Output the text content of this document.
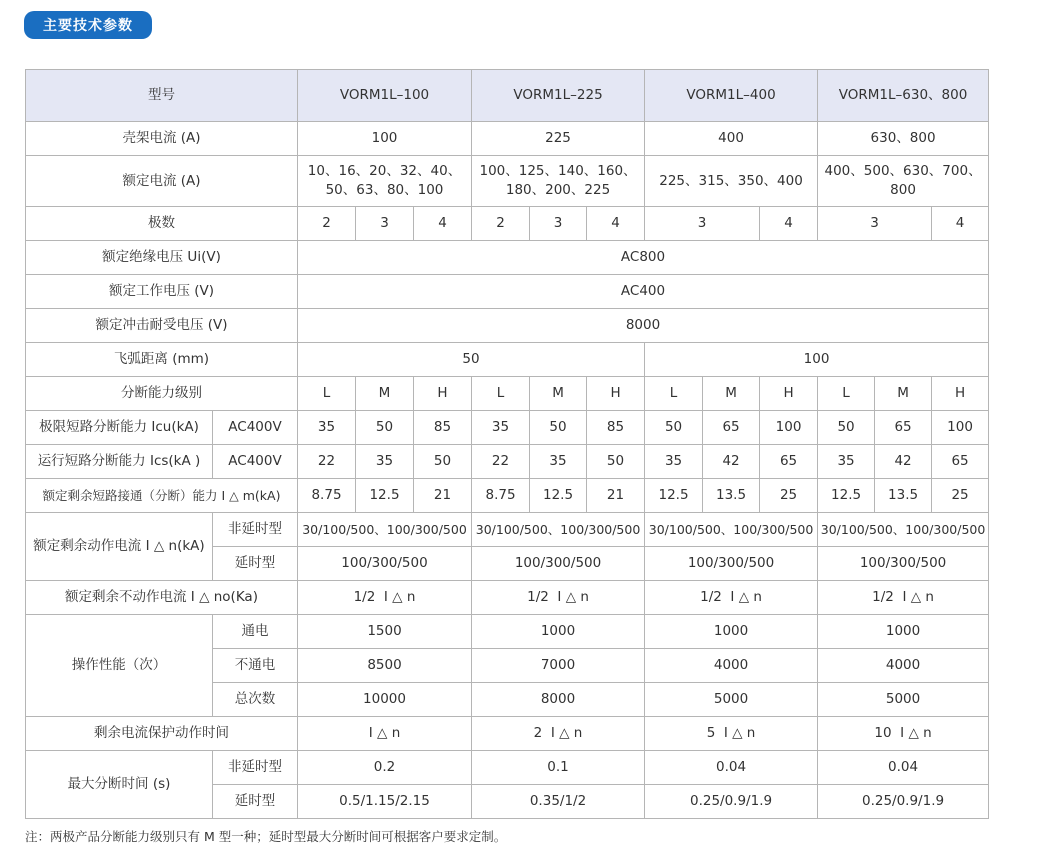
主要技术参数
型号		VORM1L–100			VORM1L–225			VORM1L–400			VORM1L–630、800		
壳架电流 (A)		100			225			400			630、800		
额定电流 (A)		10、16、20、32、40、50、63、80、100			100、125、140、160、180、200、225			225、315、350、400			400、500、630、700、800		
极数		2	3	4	2	3	4	3		4	3		4
额定绝缘电压 Ui(V)		AC800											
额定工作电压 (V)		AC400											
额定冲击耐受电压 (V)		8000											
飞弧距离 (mm)		50						100					
分断能力级别		L	M	H	L	M	H	L	M	H	L	M	H
极限短路分断能力 Icu(kA)	AC400V	35	50	85	35	50	85	50	65	100	50	65	100
运行短路分断能力 Ics(kA )	AC400V	22	35	50	22	35	50	35	42	65	35	42	65
额定剩余短路接通（分断）能力 I △ m(kA)		8.75	12.5	21	8.75	12.5	21	12.5	13.5	25	12.5	13.5	25
额定剩余动作电流 I △ n(kA)	非延时型	30/100/500、100/300/500			30/100/500、100/300/500			30/100/500、100/300/500			30/100/500、100/300/500		
	延时型	100/300/500			100/300/500			100/300/500			100/300/500		
额定剩余不动作电流 I △ no(Ka)		1/2  I △ n			1/2  I △ n			1/2  I △ n			1/2  I △ n		
操作性能（次）	通电	1500			1000			1000			1000		
	不通电	8500			7000			4000			4000		
	总次数	10000			8000			5000			5000		
剩余电流保护动作时间		I △ n			2  I △ n			5  I △ n			10  I △ n		
最大分断时间 (s)	非延时型	0.2			0.1			0.04			0.04		
	延时型	0.5/1.15/2.15			0.35/1/2			0.25/0.9/1.9			0.25/0.9/1.9		
注：两极产品分断能力级别只有 M 型一种；延时型最大分断时间可根据客户要求定制。
